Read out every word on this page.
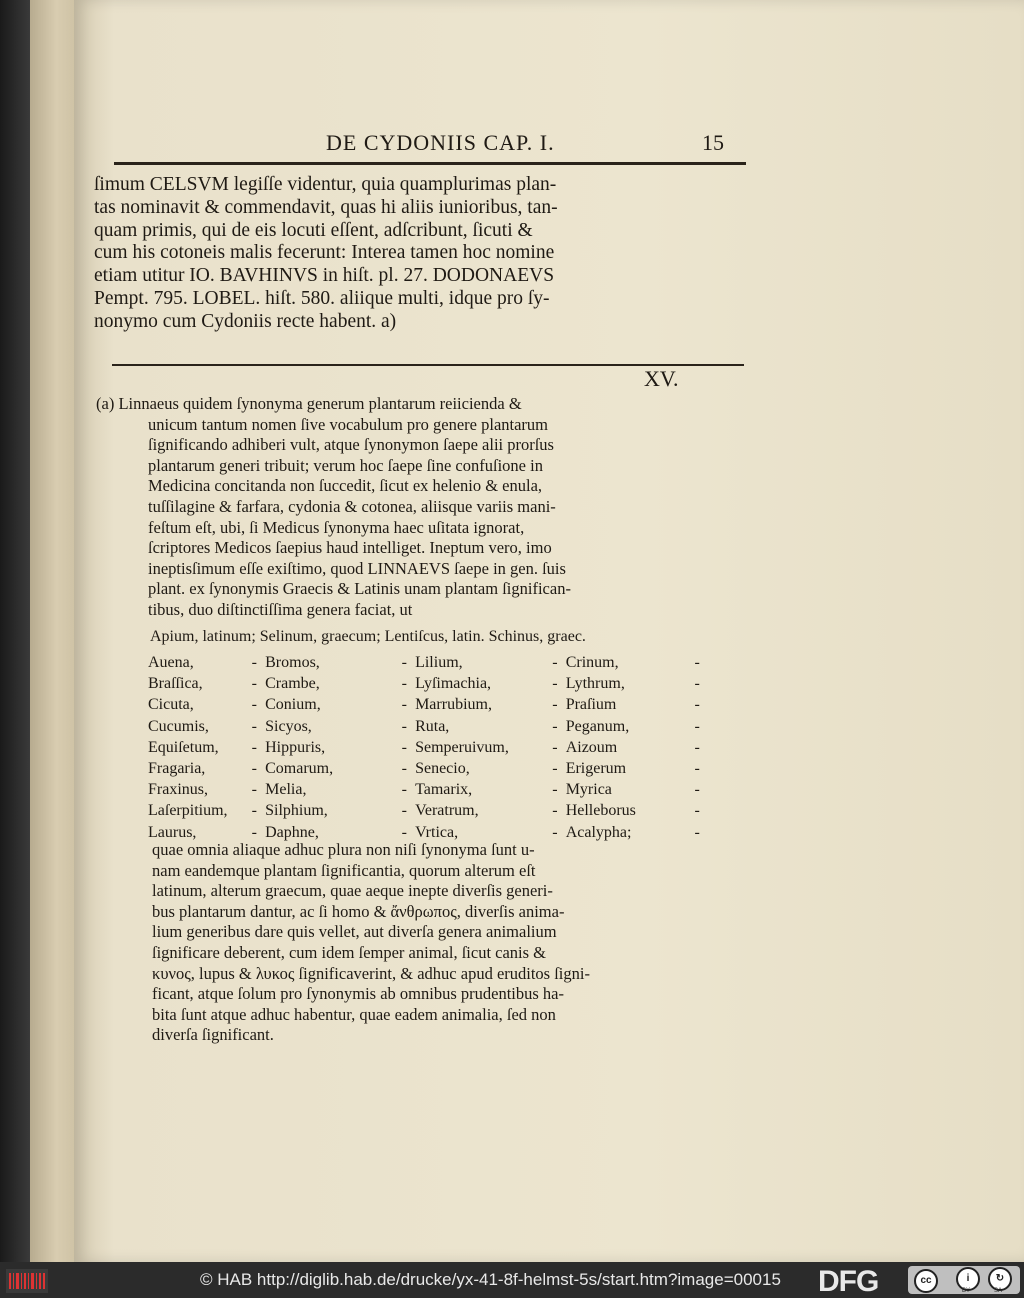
DE CYDONIIS CAP. I.	15
ſimum CELSVM legiſſe videntur, quia quamplurimas plan-
tas nominavit & commendavit, quas hi aliis iunioribus, tan-
quam primis, qui de eis locuti eſſent, adſcribunt, ſicuti &
cum his cotoneis malis fecerunt: Interea tamen hoc nomine
etiam utitur IO. BAVHINVS in hiſt. pl. 27. DODONAEVS
Pempt. 795. LOBEL. hiſt. 580. aliique multi, idque pro ſy-
nonymo cum Cydoniis recte habent. a)
XV.
(a) Linnaeus quidem ſynonyma generum plantarum reiicienda &
unicum tantum nomen ſive vocabulum pro genere plantarum
ſignificando adhiberi vult, atque ſynonymon ſaepe alii prorſus
plantarum generi tribuit; verum hoc ſaepe ſine confuſione in
Medicina concitanda non ſuccedit, ſicut ex helenio & enula,
tuſſilagine & farfara, cydonia & cotonea, aliisque variis mani-
feſtum eſt, ubi, ſi Medicus ſynonyma haec uſitata ignorat,
ſcriptores Medicos ſaepius haud intelliget. Ineptum vero, imo
ineptisſimum eſſe exiſtimo, quod LINNAEVS ſaepe in gen. ſuis
plant. ex ſynonymis Graecis & Latinis unam plantam ſignifican-
tibus, duo diſtinctiſſima genera faciat, ut
Apium, latinum; Selinum, graecum; Lentiſcus, latin. Schinus, graec.
Auena,	-	Bromos,	-	Lilium,	-	Crinum,	-
Braſſica,	-	Crambe,	-	Lyſimachia,	-	Lythrum,	-
Cicuta,	-	Conium,	-	Marrubium,	-	Praſium	-
Cucumis,	-	Sicyos,	-	Ruta,	-	Peganum,	-
Equiſetum,	-	Hippuris,	-	Semperuivum,	-	Aizoum	-
Fragaria,	-	Comarum,	-	Senecio,	-	Erigerum	-
Fraxinus,	-	Melia,	-	Tamarix,	-	Myrica	-
Laſerpitium,	-	Silphium,	-	Veratrum,	-	Helleborus	-
Laurus,	-	Daphne,	-	Vrtica,	-	Acalypha;	-
quae omnia aliaque adhuc plura non niſi ſynonyma ſunt u-
nam eandemque plantam ſignificantia, quorum alterum eſt
latinum, alterum graecum, quae aeque inepte diverſis generi-
bus plantarum dantur, ac ſi homo & ἄνθρωπος, diverſis anima-
lium generibus dare quis vellet, aut diverſa genera animalium
ſignificare deberent, cum idem ſemper animal, ſicut canis &
κυνος, lupus & λυκος ſignificaverint, & adhuc apud eruditos ſigni-
ficant, atque ſolum pro ſynonymis ab omnibus prudentibus ha-
bita ſunt atque adhuc habentur, quae eadem animalia, ſed non
diverſa ſignificant.
© HAB http://diglib.hab.de/drucke/yx-41-8f-helmst-5s/start.htm?image=00015 DFG	cc	i
BY
↻
SA
